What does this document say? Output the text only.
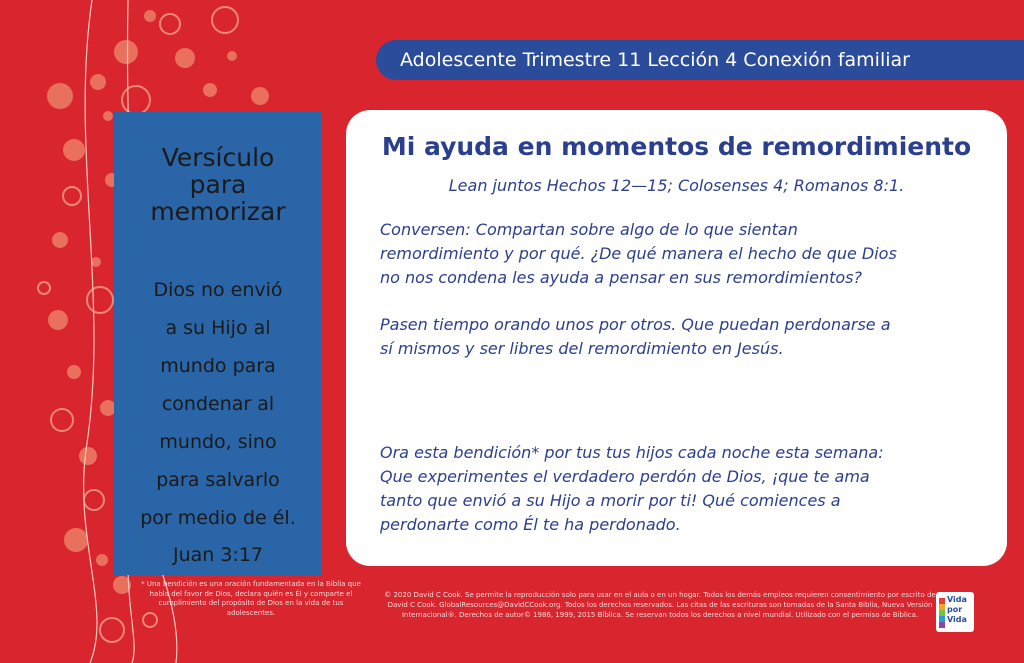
Adolescente Trimestre 11 Lección 4 Conexión familiar
Versículo
para
memorizar
Dios no envió
a su Hijo al
mundo para
condenar al
mundo, sino
para salvarlo
por medio de él.
Juan 3:17
Mi ayuda en momentos de remordimiento
Lean juntos Hechos 12—15; Colosenses 4; Romanos 8:1.
Conversen: Compartan sobre algo de lo que sientan
remordimiento y por qué. ¿De qué manera el hecho de que Dios
no nos condena les ayuda a pensar en sus remordimientos?
Pasen tiempo orando unos por otros. Que puedan perdonarse a
sí mismos y ser libres del remordimiento en Jesús.
Ora esta bendición* por tus tus hijos cada noche esta semana:
Que experimentes el verdadero perdón de Dios, ¡que te ama
tanto que envió a su Hijo a morir por ti! Qué comiences a
perdonarte como Él te ha perdonado.
* Una bendición es una oración fundamentada en la Biblia que habla del favor de Dios, declara quién es Él y comparte el cumplimiento del propósito de Dios en la vida de tus adolescentes.
© 2020 David C Cook. Se permite la reproducción solo para usar en el aula o en un hogar. Todos los demás empleos requieren consentimiento por escrito de David C Cook. GlobalResources@DavidCCook.org. Todos los derechos reservados. Las citas de las escrituras son tomadas de la Santa Biblia, Nueva Versión Internacional®. Derechos de autor© 1986, 1999, 2015 Bíblica. Se reservan todos los derechos a nivel mundial. Utilizado con el permiso de Bíblica.
Vida
por
Vida
